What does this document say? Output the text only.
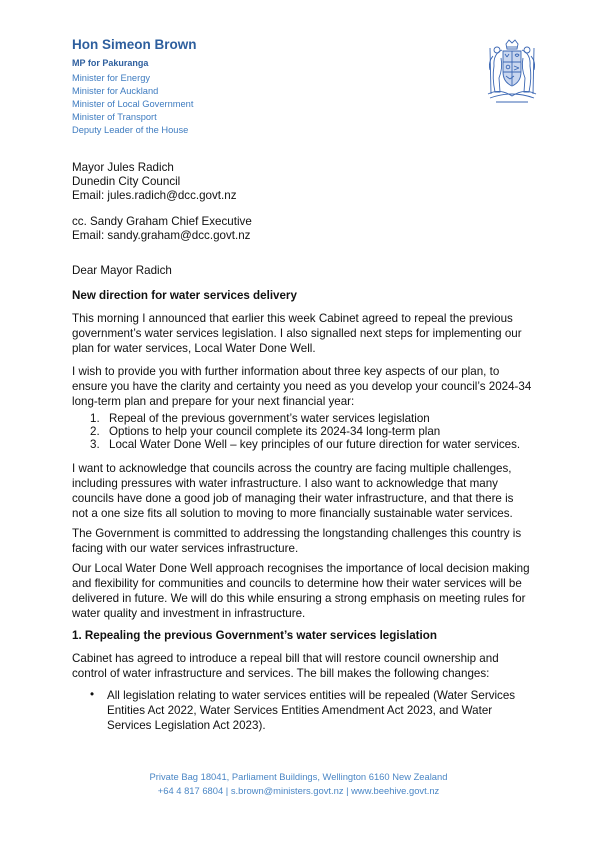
Hon Simeon Brown
MP for Pakuranga
Minister for Energy
Minister for Auckland
Minister of Local Government
Minister of Transport
Deputy Leader of the House
Mayor Jules Radich
Dunedin City Council
Email: jules.radich@dcc.govt.nz
cc. Sandy Graham Chief Executive
Email: sandy.graham@dcc.govt.nz
Dear Mayor Radich
New direction for water services delivery
This morning I announced that earlier this week Cabinet agreed to repeal the previous government’s water services legislation. I also signalled next steps for implementing our plan for water services, Local Water Done Well.
I wish to provide you with further information about three key aspects of our plan, to ensure you have the clarity and certainty you need as you develop your council’s 2024-34 long-term plan and prepare for your next financial year:
1. Repeal of the previous government’s water services legislation
2. Options to help your council complete its 2024-34 long-term plan
3. Local Water Done Well – key principles of our future direction for water services.
I want to acknowledge that councils across the country are facing multiple challenges, including pressures with water infrastructure. I also want to acknowledge that many councils have done a good job of managing their water infrastructure, and that there is not a one size fits all solution to moving to more financially sustainable water services.
The Government is committed to addressing the longstanding challenges this country is facing with our water services infrastructure.
Our Local Water Done Well approach recognises the importance of local decision making and flexibility for communities and councils to determine how their water services will be delivered in future. We will do this while ensuring a strong emphasis on meeting rules for water quality and investment in infrastructure.
1. Repealing the previous Government’s water services legislation
Cabinet has agreed to introduce a repeal bill that will restore council ownership and control of water infrastructure and services. The bill makes the following changes:
• All legislation relating to water services entities will be repealed (Water Services Entities Act 2022, Water Services Entities Amendment Act 2023, and Water Services Legislation Act 2023).
Private Bag 18041, Parliament Buildings, Wellington 6160 New Zealand
+64 4 817 6804 | s.brown@ministers.govt.nz | www.beehive.govt.nz
